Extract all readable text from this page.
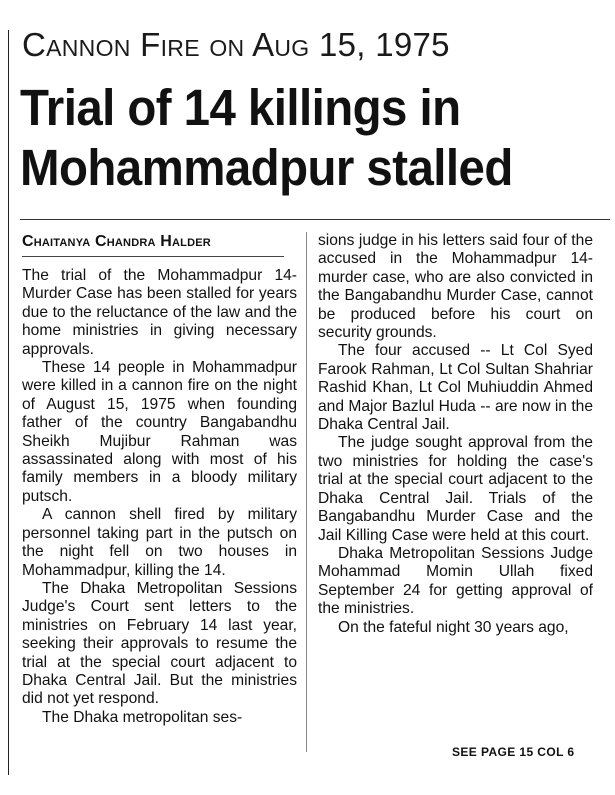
Cannon Fire on Aug 15, 1975
Trial of 14 killings in Mohammadpur stalled
Chaitanya Chandra Halder

The trial of the Mohammadpur 14-Murder Case has been stalled for years due to the reluctance of the law and the home ministries in giving necessary approvals.

These 14 people in Mohammadpur were killed in a cannon fire on the night of August 15, 1975 when founding father of the country Bangabandhu Sheikh Mujibur Rahman was assassinated along with most of his family members in a bloody military putsch.

A cannon shell fired by military personnel taking part in the putsch on the night fell on two houses in Mohammadpur, killing the 14.

The Dhaka Metropolitan Sessions Judge's Court sent letters to the ministries on February 14 last year, seeking their approvals to resume the trial at the special court adjacent to Dhaka Central Jail. But the ministries did not yet respond.

The Dhaka metropolitan ses-

sions judge in his letters said four of the accused in the Mohammadpur 14-murder case, who are also convicted in the Bangabandhu Murder Case, cannot be produced before his court on security grounds.

The four accused -- Lt Col Syed Farook Rahman, Lt Col Sultan Shahriar Rashid Khan, Lt Col Muhiuddin Ahmed and Major Bazlul Huda -- are now in the Dhaka Central Jail.

The judge sought approval from the two ministries for holding the case's trial at the special court adjacent to the Dhaka Central Jail. Trials of the Bangabandhu Murder Case and the Jail Killing Case were held at this court.

Dhaka Metropolitan Sessions Judge Mohammad Momin Ullah fixed September 24 for getting approval of the ministries.

On the fateful night 30 years ago,

SEE PAGE 15 COL 6
